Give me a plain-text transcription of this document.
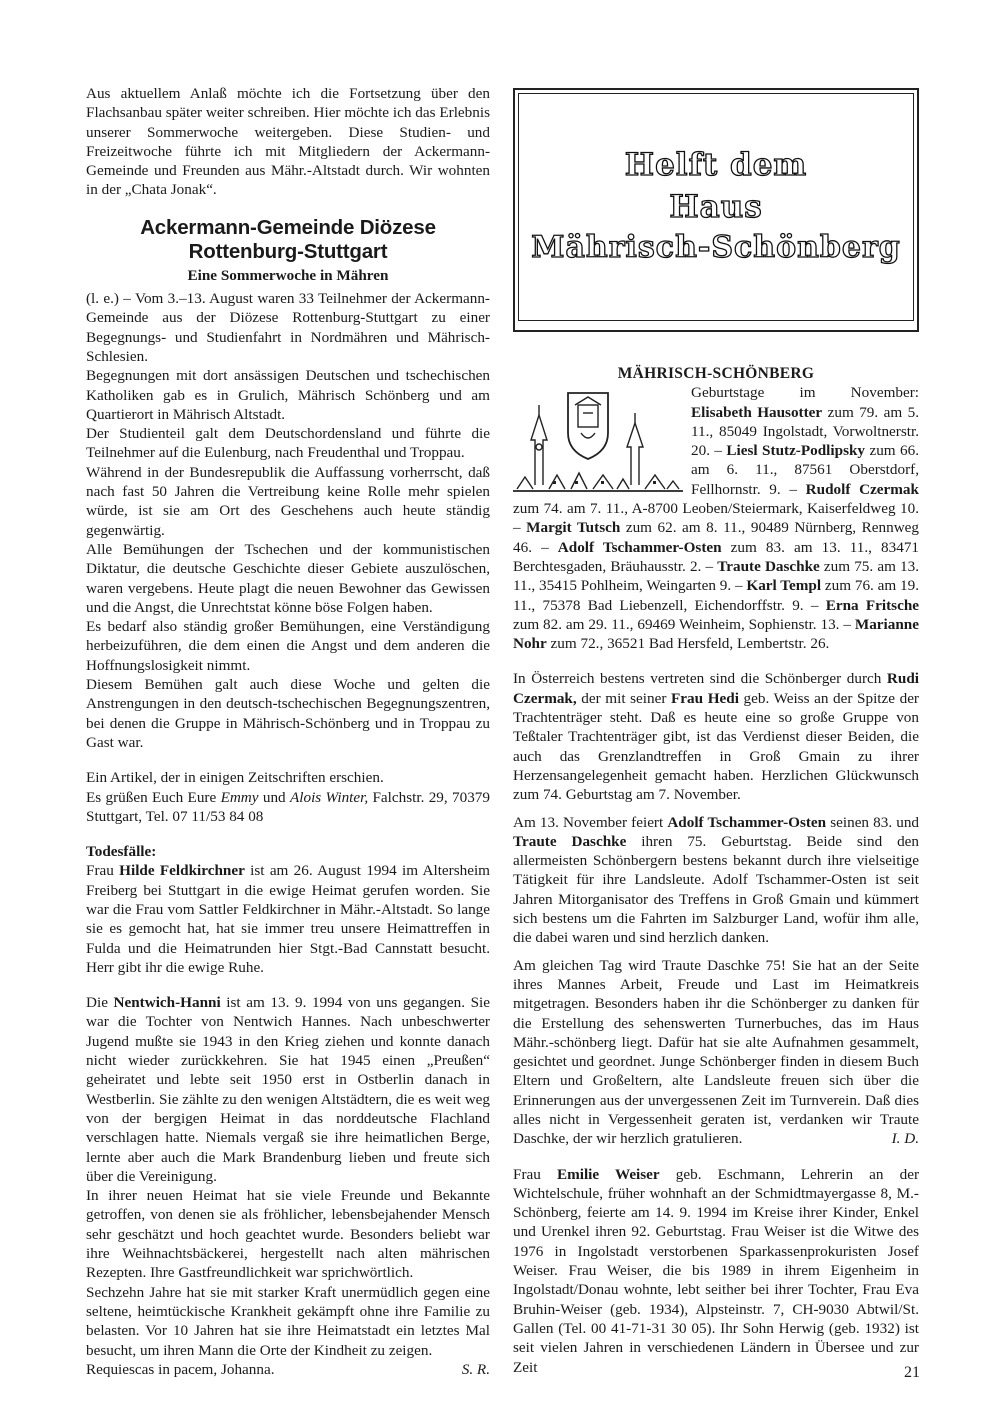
Aus aktuellem Anlaß möchte ich die Fortsetzung über den Flachsanbau später weiter schreiben. Hier möchte ich das Erlebnis unserer Sommerwoche weitergeben. Diese Studien- und Freizeitwoche führte ich mit Mitgliedern der Ackermann-Gemeinde und Freunden aus Mähr.-Altstadt durch. Wir wohnten in der „Chata Jonak“.

Ackermann-Gemeinde Diözese
Rottenburg-Stuttgart
Eine Sommerwoche in Mähren

(l. e.) – Vom 3.–13. August waren 33 Teilnehmer der Ackermann-Gemeinde aus der Diözese Rottenburg-Stuttgart zu einer Begegnungs- und Studienfahrt in Nordmähren und Mährisch-Schlesien.

Begegnungen mit dort ansässigen Deutschen und tschechischen Katholiken gab es in Grulich, Mährisch Schönberg und am Quartierort in Mährisch Altstadt.

Der Studienteil galt dem Deutschordensland und führte die Teilnehmer auf die Eulenburg, nach Freudenthal und Troppau.

Während in der Bundesrepublik die Auffassung vorherrscht, daß nach fast 50 Jahren die Vertreibung keine Rolle mehr spielen würde, ist sie am Ort des Geschehens auch heute ständig gegenwärtig.

Alle Bemühungen der Tschechen und der kommunistischen Diktatur, die deutsche Geschichte dieser Gebiete auszulöschen, waren vergebens. Heute plagt die neuen Bewohner das Gewissen und die Angst, die Unrechtstat könne böse Folgen haben.

Es bedarf also ständig großer Bemühungen, eine Verständigung herbeizuführen, die dem einen die Angst und dem anderen die Hoffnungslosigkeit nimmt.

Diesem Bemühen galt auch diese Woche und gelten die Anstrengungen in den deutsch-tschechischen Begegnungszentren, bei denen die Gruppe in Mährisch-Schönberg und in Troppau zu Gast war.

Ein Artikel, der in einigen Zeitschriften erschien.

Es grüßen Euch Eure Emmy und Alois Winter, Falchstr. 29, 70379 Stuttgart, Tel. 07 11/53 84 08

Todesfälle:

Frau Hilde Feldkirchner ist am 26. August 1994 im Altersheim Freiberg bei Stuttgart in die ewige Heimat gerufen worden. Sie war die Frau vom Sattler Feldkirchner in Mähr.-Altstadt. So lange sie es gemocht hat, hat sie immer treu unsere Heimattreffen in Fulda und die Heimatrunden hier Stgt.-Bad Cannstatt besucht. Herr gibt ihr die ewige Ruhe.

Die Nentwich-Hanni ist am 13. 9. 1994 von uns gegangen. Sie war die Tochter von Nentwich Hannes. Nach unbeschwerter Jugend mußte sie 1943 in den Krieg ziehen und konnte danach nicht wieder zurückkehren. Sie hat 1945 einen „Preußen“ geheiratet und lebte seit 1950 erst in Ostberlin danach in Westberlin. Sie zählte zu den wenigen Altstädtern, die es weit weg von der bergigen Heimat in das norddeutsche Flachland verschlagen hatte. Niemals vergaß sie ihre heimatlichen Berge, lernte aber auch die Mark Brandenburg lieben und freute sich über die Vereinigung.

In ihrer neuen Heimat hat sie viele Freunde und Bekannte getroffen, von denen sie als fröhlicher, lebensbejahender Mensch sehr geschätzt und hoch geachtet wurde. Besonders beliebt war ihre Weihnachtsbäckerei, hergestellt nach alten mährischen Rezepten. Ihre Gastfreundlichkeit war sprichwörtlich.

Sechzehn Jahre hat sie mit starker Kraft unermüdlich gegen eine seltene, heimtückische Krankheit gekämpft ohne ihre Familie zu belasten. Vor 10 Jahren hat sie ihre Heimatstadt ein letztes Mal besucht, um ihren Mann die Orte der Kindheit zu zeigen.

Requiescas in pacem, Johanna.	S. R.

Helft dem
Haus
Mährisch-Schönberg
MÄHRISCH-SCHÖNBERG

Geburtstage im November: Elisabeth Hausotter zum 79. am 5. 11., 85049 Ingolstadt, Vorwoltnerstr. 20. – Liesl Stutz-Podlipsky zum 66. am 6. 11., 87561 Oberstdorf, Fellhornstr. 9. – Rudolf Czermak zum 74. am 7. 11., A-8700 Leoben/Steiermark, Kaiserfeldweg 10. – Margit Tutsch zum 62. am 8. 11., 90489 Nürnberg, Rennweg 46. – Adolf Tschammer-Osten zum 83. am 13. 11., 83471 Berchtesgaden, Bräuhausstr. 2. – Traute Daschke zum 75. am 13. 11., 35415 Pohlheim, Weingarten 9. – Karl Templ zum 76. am 19. 11., 75378 Bad Liebenzell, Eichendorffstr. 9. – Erna Fritsche zum 82. am 29. 11., 69469 Weinheim, Sophienstr. 13. – Marianne Nohr zum 72., 36521 Bad Hersfeld, Lembertstr. 26.

In Österreich bestens vertreten sind die Schönberger durch Rudi Czermak, der mit seiner Frau Hedi geb. Weiss an der Spitze der Trachtenträger steht. Daß es heute eine so große Gruppe von Teßtaler Trachtenträger gibt, ist das Verdienst dieser Beiden, die auch das Grenzlandtreffen in Groß Gmain zu ihrer Herzensangelegenheit gemacht haben. Herzlichen Glückwunsch zum 74. Geburtstag am 7. November.

Am 13. November feiert Adolf Tschammer-Osten seinen 83. und Traute Daschke ihren 75. Geburtstag. Beide sind den allermeisten Schönbergern bestens bekannt durch ihre vielseitige Tätigkeit für ihre Landsleute. Adolf Tschammer-Osten ist seit Jahren Mitorganisator des Treffens in Groß Gmain und kümmert sich bestens um die Fahrten im Salzburger Land, wofür ihm alle, die dabei waren und sind herzlich danken.

Am gleichen Tag wird Traute Daschke 75! Sie hat an der Seite ihres Mannes Arbeit, Freude und Last im Heimatkreis mitgetragen. Besonders haben ihr die Schönberger zu danken für die Erstellung des sehenswerten Turnerbuches, das im Haus Mähr.-schönberg liegt. Dafür hat sie alte Aufnahmen gesammelt, gesichtet und geordnet. Junge Schönberger finden in diesem Buch Eltern und Großeltern, alte Landsleute freuen sich über die Erinnerungen aus der unvergessenen Zeit im Turnverein. Daß dies alles nicht in Vergessenheit geraten ist, verdanken wir Traute Daschke, der wir herzlich gratulieren.	I. D.

Frau Emilie Weiser geb. Eschmann, Lehrerin an der Wichtelschule, früher wohnhaft an der Schmidtmayergasse 8, M.-Schönberg, feierte am 14. 9. 1994 im Kreise ihrer Kinder, Enkel und Urenkel ihren 92. Geburtstag. Frau Weiser ist die Witwe des 1976 in Ingolstadt verstorbenen Sparkassenprokuristen Josef Weiser. Frau Weiser, die bis 1989 in ihrem Eigenheim in Ingolstadt/Donau wohnte, lebt seither bei ihrer Tochter, Frau Eva Bruhin-Weiser (geb. 1934), Alpsteinstr. 7, CH-9030 Abtwil/St. Gallen (Tel. 00 41-71-31 30 05). Ihr Sohn Herwig (geb. 1932) ist seit vielen Jahren in verschiedenen Ländern in Übersee und zur Zeit	21
